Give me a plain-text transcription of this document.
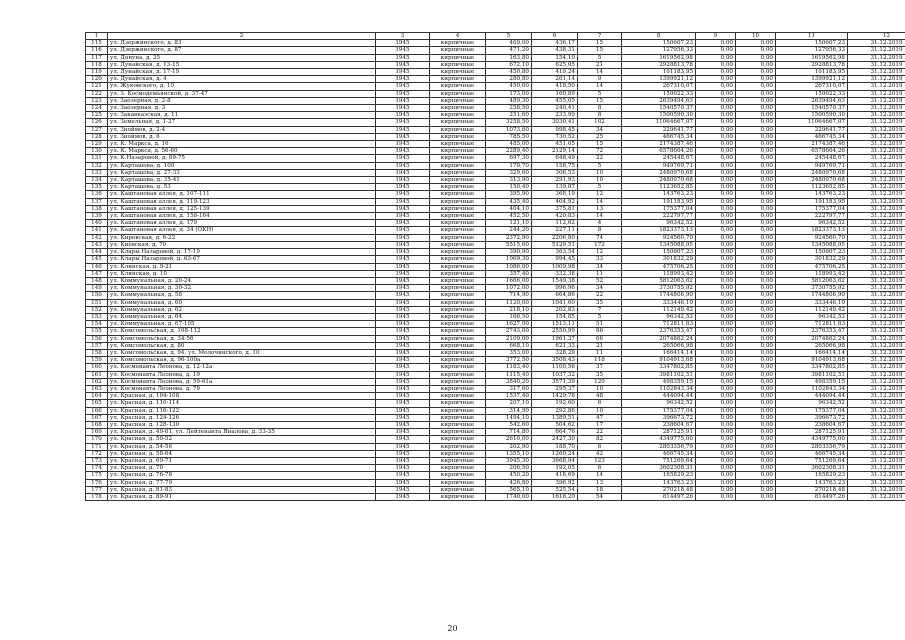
1	2	3	4	5	6	7	8	9	10	11	12
115	ул. Дзержинского, д. 83	1945	кирпичные	469,00	436,17	15	150607,23	0,00	0,00	150607,23	31.12.2019
116	ул. Дзержинского, д. 87	1945	кирпичные	471,20	438,31	15	127956,33	0,00	0,00	127956,33	31.12.2019
117	ул. Донуна, д. 25	1945	кирпичные	163,80	154,19	5	1619562,98	0,00	0,00	1619562,98	31.12.2019
118	ул. Дунайская, д. 13-15	1945	кирпичные	672,10	625,05	21	2928813,78	0,00	0,00	2928813,78	31.12.2019
119	ул. Дунайская, д. 17-19	1945	кирпичные	450,80	419,24	14	191183,95	0,00	0,00	191183,95	31.12.2019
120	ул. Дунайская, д. 4	1945	кирпичные	280,80	261,14	9	1399921,12	0,00	0,00	1399921,12	31.12.2019
121	ул. Жуковского, д. 10	1945	кирпичные	450,00	418,50	14	267310,07	0,00	0,00	267310,07	31.12.2019
122	ул. З. Космодемьянской, д. 37-47	1945	кирпичные	173,00	160,89	5	150022,33	0,00	0,00	150022,33	31.12.2019
123	ул. Заозерная, д. 2-8	1945	кирпичные	489,30	455,05	15	2639494,63	0,00	0,00	2639494,63	31.12.2019
124	ул. Заозерная, д. 3	1945	кирпичные	258,50	240,41	8	1540570,37	0,00	0,00	1540570,37	31.12.2019
125	ул. Закавказская, д. 11	1945	кирпичные	251,60	233,99	8	1500590,30	0,00	0,00	1500590,30	31.12.2019
126	ул. Земельная, д. 1-27	1945	кирпичные	3258,50	3030,41	102	11064667,07	0,00	0,00	11064667,07	31.12.2019
127	ул. Зноймов, д. 2-4	1945	кирпичные	1073,60	998,45	34	229641,77	0,00	0,00	229641,77	31.12.2019
128	ул. Зноймов, д. 6	1945	кирпичные	785,50	730,52	25	466745,34	0,00	0,00	466745,34	31.12.2019
129	ул. К. Маркса, д. 16	1945	кирпичные	485,00	451,05	15	2174387,46	0,00	0,00	2174387,46	31.12.2019
130	ул. К. Маркса, д. 56-60	1945	кирпичные	2289,40	2129,14	72	6578664,26	0,00	0,00	6578664,26	31.12.2019
131	ул. К.Назаровой, д. 69-75	1945	кирпичные	697,30	648,49	22	245448,67	0,00	0,00	245448,67	31.12.2019
132	ул. Карташова, д. 100	1945	кирпичные	170,70	158,75	5	949769,71	0,00	0,00	949769,71	31.12.2019
133	ул. Карташова, д. 27-33	1945	кирпичные	329,60	306,53	10	2480970,68	0,00	0,00	2480970,68	31.12.2019
134	ул. Карташова, д. 35-41	1945	кирпичные	313,90	291,93	10	2480970,68	0,00	0,00	2480970,68	31.12.2019
135	ул. Карташова, д. 53	1945	кирпичные	150,40	139,87	5	1123652,85	0,00	0,00	1123652,85	31.12.2019
136	ул. Каштановая аллея, д. 107-111	1945	кирпичные	395,90	368,19	12	143763,23	0,00	0,00	143763,23	31.12.2019
137	ул. Каштановая аллея, д. 119-123	1945	кирпичные	435,40	404,92	14	191183,95	0,00	0,00	191183,95	31.12.2019
138	ул. Каштановая аллея, д. 125-139	1945	кирпичные	404,10	375,81	13	175377,04	0,00	0,00	175377,04	31.12.2019
139	ул. Каштановая аллея, д. 158-164	1945	кирпичные	452,50	420,83	14	222797,77	0,00	0,00	222797,77	31.12.2019
140	ул. Каштановая аллея, д. 179	1945	кирпичные	121,10	112,62	4	96342,52	0,00	0,00	96342,52	31.12.2019
141	ул. Каштановая аллея, д. 34 (ОКН)	1945	кирпичные	244,20	227,11	8	1823373,13	0,00	0,00	1823373,13	31.12.2019
142	ул. Кировская, д. 6-22	1945	кирпичные	2372,90	2206,80	74	924560,70	0,00	0,00	924560,70	31.12.2019
143	ул. Киевская, д. 70	1945	кирпичные	5515,60	5129,51	172	1345088,05	0,00	0,00	1345088,05	31.12.2019
144	ул. Клары Назаровой, д. 17-19	1945	кирпичные	390,90	363,54	12	150607,23	0,00	0,00	150607,23	31.12.2019
145	ул. Клары Назаровой, д. 63-67	1945	кирпичные	1069,30	994,45	33	301832,29	0,00	0,00	301832,29	31.12.2019
146	ул. Клинская, д. 9-21	1945	кирпичные	1086,00	1009,98	34	475706,25	0,00	0,00	475706,25	31.12.2019
147	ул. Клинская, д. 10	1945	кирпичные	357,40	332,38	11	118993,42	0,00	0,00	118993,42	31.12.2019
148	ул. Коммунальная, д. 20-24	1945	кирпичные	1666,00	1549,38	52	5812063,62	0,00	0,00	5812063,62	31.12.2019
149	ул. Коммунальная, д. 30-32	1945	кирпичные	1072,00	996,96	34	3730755,92	0,00	0,00	3730755,92	31.12.2019
150	ул. Коммунальная, д. 58	1945	кирпичные	714,90	664,86	22	1744806,90	0,00	0,00	1744806,90	31.12.2019
151	ул. Коммунальная, д. 60	1945	кирпичные	1120,00	1041,60	35	333446,10	0,00	0,00	333446,10	31.12.2019
152	ул. Коммунальная, д. 62	1945	кирпичные	218,10	202,83	7	112149,42	0,00	0,00	112149,42	31.12.2019
153	ул. Коммунальная, д. 64	1945	кирпичные	166,50	154,85	5	96342,52	0,00	0,00	96342,52	31.12.2019
154	ул. Коммунальная, д. 67-105	1945	кирпичные	1627,00	1513,11	51	712811,83	0,00	0,00	712811,83	31.12.2019
155	ул. Комсомольская, д. 108-112	1945	кирпичные	2743,00	2550,99	86	2376353,47	0,00	0,00	2376353,47	31.12.2019
156	ул. Комсомольская, д. 34-56	1945	кирпичные	2109,00	1961,37	66	2074862,24	0,00	0,00	2074862,24	31.12.2019
157	ул. Комсомольская, д. 80	1945	кирпичные	668,10	621,33	21	265066,98	0,00	0,00	265066,98	31.12.2019
158	ул. Комсомольская, д. 94, ул. Молочинского, д. 10	1945	кирпичные	353,00	328,29	11	166414,14	0,00	0,00	166414,14	31.12.2019
159	ул. Комсомольская, д. 96-100а	1945	кирпичные	3772,50	3508,43	118	9104913,68	0,00	0,00	9104913,68	31.12.2019
160	ул. Космонавта Леонова, д. 12-12а	1945	кирпичные	1183,40	1100,56	37	3347802,85	0,00	0,00	3347802,85	31.12.2019
161	ул. Космонавта Леонова, д. 19	1945	кирпичные	1115,40	1037,32	35	3981102,51	0,00	0,00	3981102,51	31.12.2019
162	ул. Космонавта Леонова, д. 59-61а	1945	кирпичные	3840,20	3571,39	120	498359,15	0,00	0,00	498359,15	31.12.2019
163	ул. Космонавта Леонова, д. 79	1945	кирпичные	317,60	295,37	10	1102843,34	0,00	0,00	1102843,34	31.12.2019
164	ул. Красная, д. 104-108	1945	кирпичные	1537,40	1429,78	48	444094,44	0,00	0,00	444094,44	31.12.2019
165	ул. Красная, д. 110-114	1945	кирпичные	207,10	192,60	6	96342,52	0,00	0,00	96342,52	31.12.2019
166	ул. Красная, д. 116-122	1945	кирпичные	314,90	292,86	10	175377,04	0,00	0,00	175377,04	31.12.2019
167	ул. Красная, д. 124-126	1945	кирпичные	1494,10	1389,51	47	396673,72	0,00	0,00	396673,72	31.12.2019
168	ул. Красная, д. 128-130	1945	кирпичные	542,60	504,62	17	238604,67	0,00	0,00	238604,67	31.12.2019
169	ул. Красная, д. 49-61, ул. Лейтенанта Яналова, д. 33-35	1945	кирпичные	714,80	664,76	22	287125,91	0,00	0,00	287125,91	31.12.2019
170	ул. Красная, д. 50-52	1945	кирпичные	2610,00	2427,30	82	4349775,00	0,00	0,00	4349775,00	31.12.2019
171	ул. Красная, д. 54-56	1945	кирпичные	202,90	188,70	6	2803356,79	0,00	0,00	2803356,79	31.12.2019
172	ул. Красная, д. 58-64	1945	кирпичные	1355,10	1260,24	42	466745,34	0,00	0,00	466745,34	31.12.2019
173	ул. Красная, д. 69-71	1945	кирпичные	3945,30	3668,94	123	751269,64	0,00	0,00	751269,64	31.12.2019
174	ул. Красная, д. 70	1945	кирпичные	206,50	192,05	6	3602308,31	0,00	0,00	3602308,31	31.12.2019
175	ул. Красная, д. 76-78	1945	кирпичные	450,20	418,69	14	165829,23	0,00	0,00	165829,23	31.12.2019
176	ул. Красная, д. 77-79	1945	кирпичные	426,80	396,92	13	143763,23	0,00	0,00	143763,23	31.12.2019
177	ул. Красная, д. 81-83	1945	кирпичные	565,10	525,54	18	270218,48	0,00	0,00	270218,48	31.12.2019
178	ул. Красная, д. 89-91	1945	кирпичные	1740,00	1618,20	54	814497,26	0,00	0,00	814497,26	31.12.2019
20
